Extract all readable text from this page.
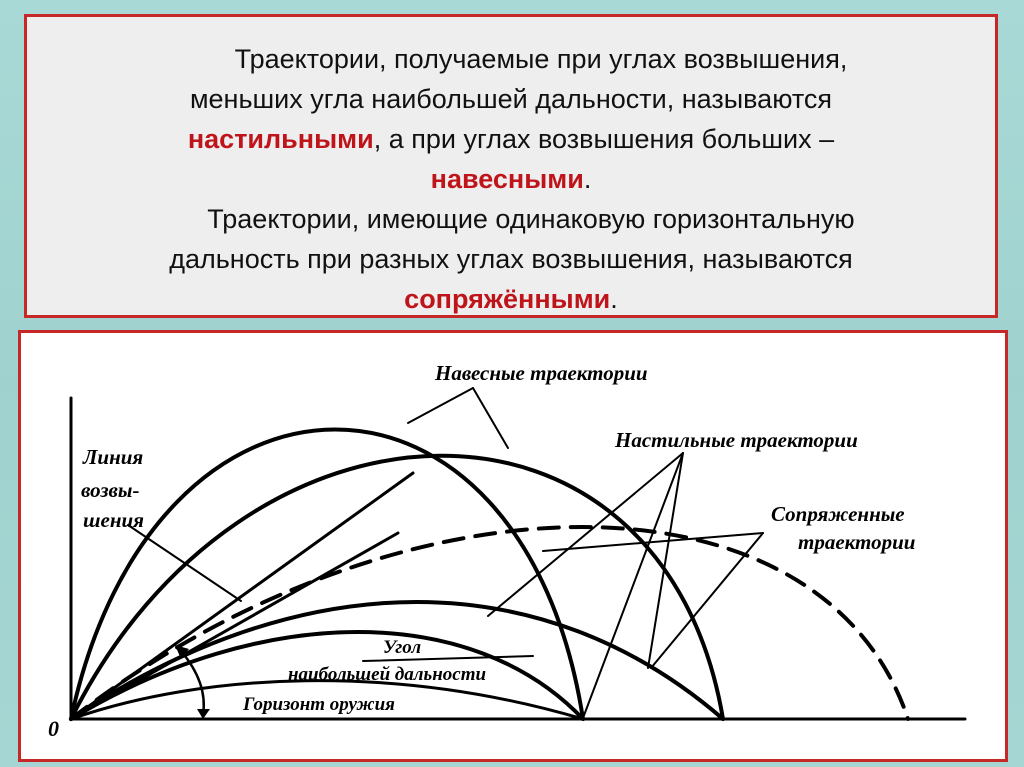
Траектории, получаемые при углах возвышения,
меньших угла наибольшей дальности, называются
настильными, а при углах возвышения больших –
навесными.

Траектории, имеющие одинаковую горизонтальную
дальность при разных углах возвышения, называются
сопряжёнными.

0
Навесные траектории
Настильные траектории
Сопряженные
траектории
Линия
возвы-
шения
Угол
наибольшей дальности
Горизонт оружия
